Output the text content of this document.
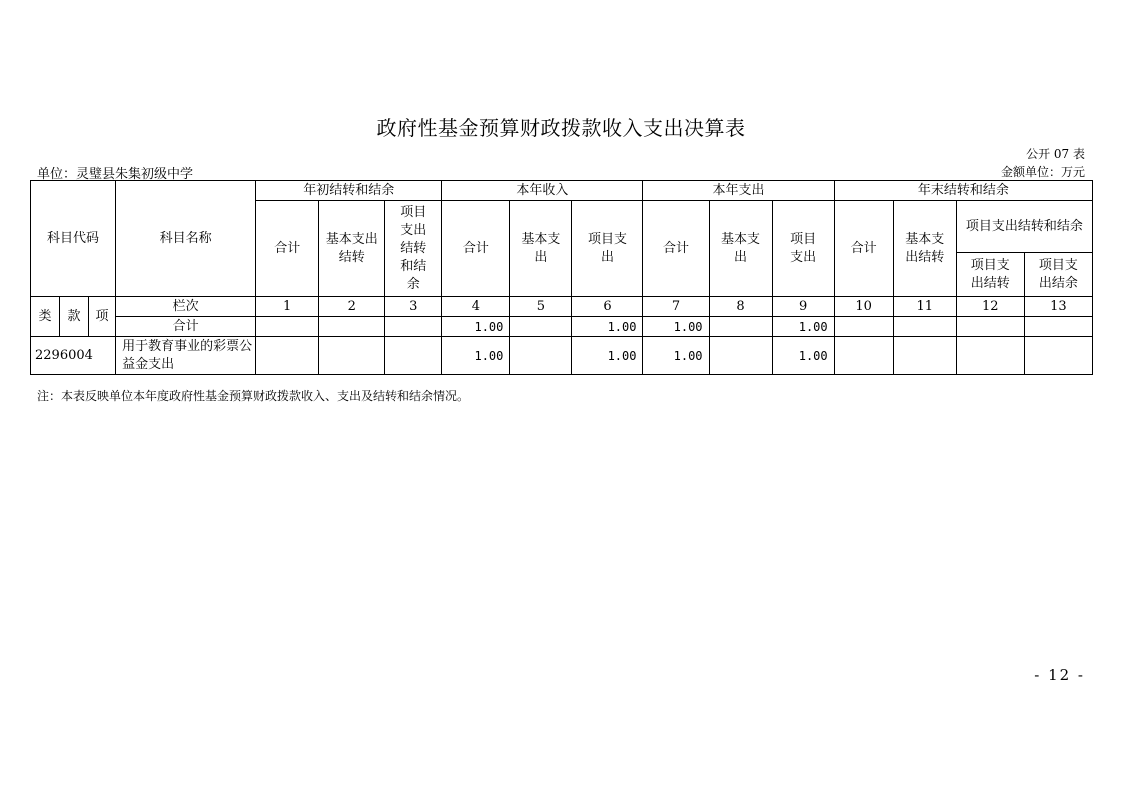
政府性基金预算财政拨款收入支出决算表
公开 07 表
单位：灵璧县朱集初级中学	金额单位：万元
科目代码			科目名称	年初结转和结余			本年收入			本年支出			年末结转和结余			
				合计	基本支出结转	项目支出结转和结余	合计	基本支出	项目支出	合计	基本支出	项目支出	合计	基本支出结转	项目支出结转和结余	
															项目支出结转	项目支出结余
类	款	项	栏次	1	2	3	4	5	6	7	8	9	10	11	12	13
			合计				1.00		1.00	1.00		1.00				
2296004			用于教育事业的彩票公益金支出				1.00		1.00	1.00		1.00				
注：本表反映单位本年度政府性基金预算财政拨款收入、支出及结转和结余情况。
- 12 -
